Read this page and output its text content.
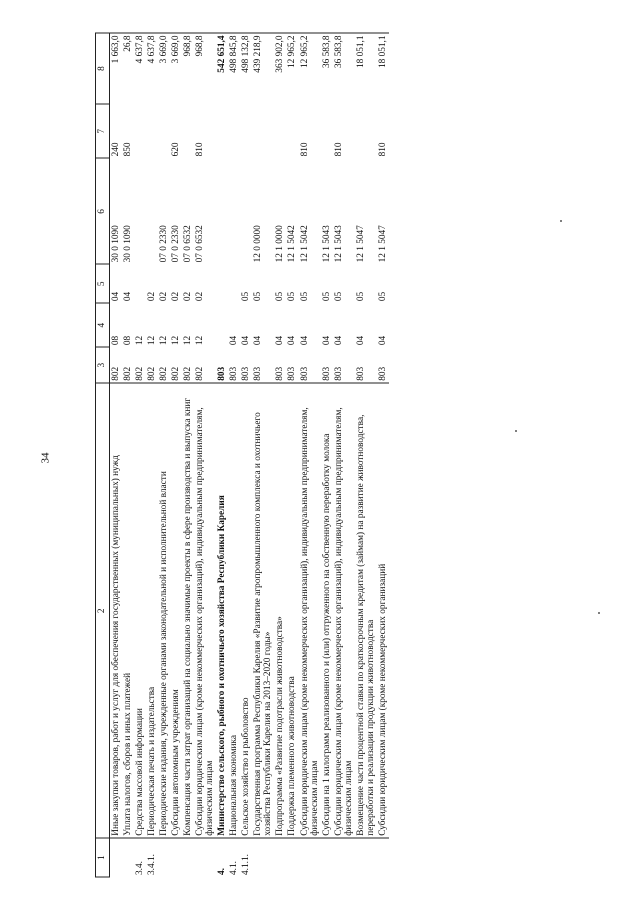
34
1	2	3	4	5	6	7	8
	Иные закупки товаров, работ и услуг для обеспечения государственных (муниципальных) нужд	802	08	04	30 0 1090	240	1 663,0
	Уплата налогов, сборов и иных платежей	802	08	04	30 0 1090	850	26,8
3.4.	Средства массовой информации	802	12				4 637,8
3.4.1.	Периодическая печать и издательства	802	12	02			4 637,8
	Периодические издания, учрежденные органами законодательной и исполнительной власти	802	12	02	07 0 2330		3 669,0
	Субсидии автономным учреждениям	802	12	02	07 0 2330	620	3 669,0
	Компенсация части затрат организаций на социально значимые проекты в сфере производства и выпуска книг	802	12	02	07 0 6532		968,8
	Субсидии юридическим лицам (кроме некоммерческих организаций), индивидуальным предпринимателям, физическим лицам	802	12	02	07 0 6532	810	968,8
4.	Министерство сельского, рыбного и охотничьего хозяйства Республики Карелия	803					542 651,4
4.1.	Национальная экономика	803	04				498 845,8
4.1.1.	Сельское хозяйство и рыболовство	803	04	05			498 132,8
	Государственная программа Республики Карелия «Развитие агропромышленного комплекса и охотничьего хозяйства Республики Карелия на 2013–2020 годы»	803	04	05	12 0 0000		439 218,9
	Подпрограмма «Развитие подотрасли животноводства»	803	04	05	12 1 0000		363 902,0
	Поддержка племенного животноводства	803	04	05	12 1 5042		12 965,2
	Субсидии юридическим лицам (кроме некоммерческих организаций), индивидуальным предпринимателям, физическим лицам	803	04	05	12 1 5042	810	12 965,2
	Субсидии на 1 килограмм реализованного и (или) отгруженного на собственную переработку молока	803	04	05	12 1 5043		36 583,8
	Субсидии юридическим лицам (кроме некоммерческих организаций), индивидуальным предпринимателям, физическим лицам	803	04	05	12 1 5043	810	36 583,8
	Возмещение части процентной ставки по краткосрочным кредитам (займам) на развитие животноводства, переработки и реализации продукции животноводства	803	04	05	12 1 5047		18 051,1
	Субсидии юридическим лицам (кроме некоммерческих организаций	803	04	05	12 1 5047	810	18 051,1
